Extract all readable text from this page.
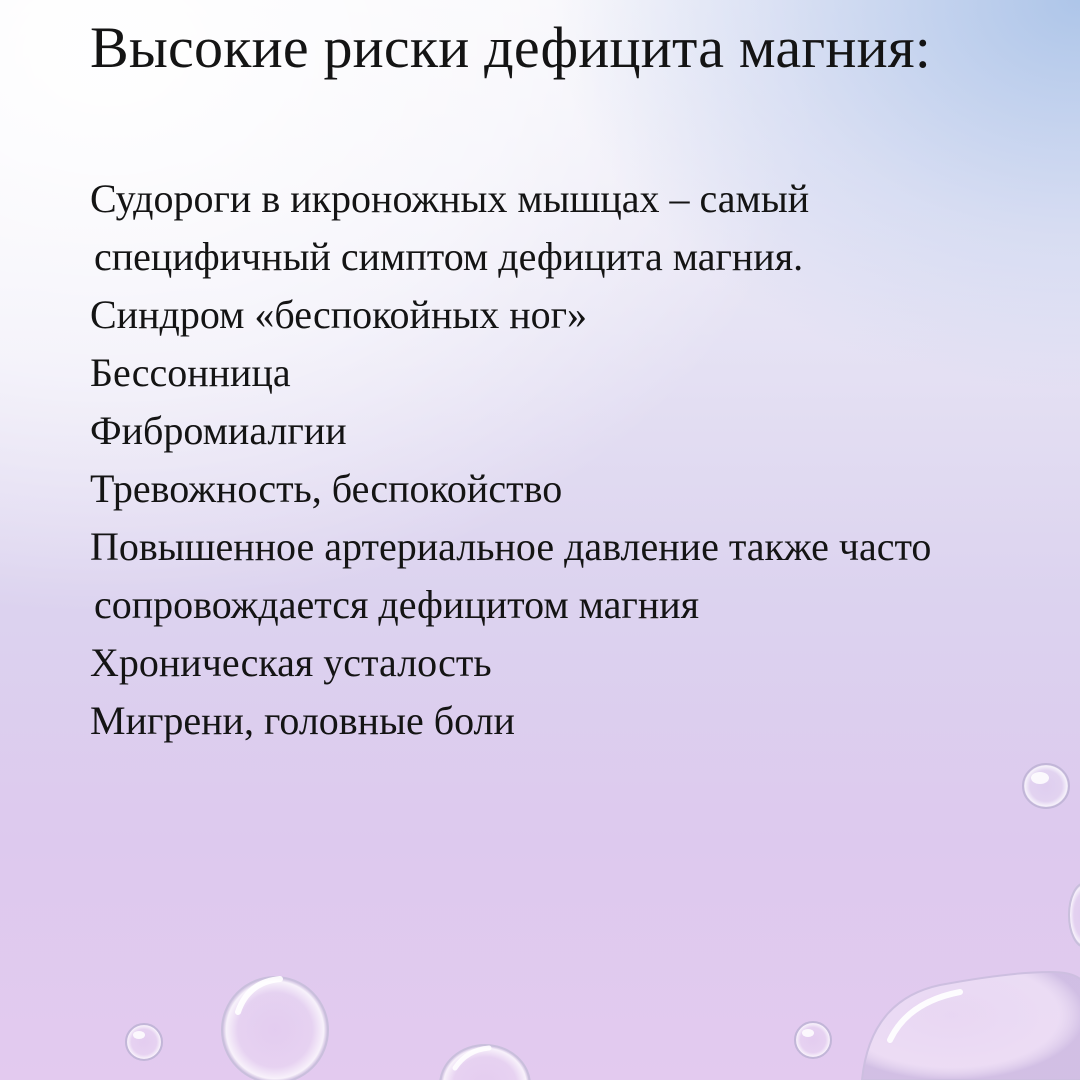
Высокие риски дефицита магния:
Судороги в икроножных мышцах – самый
специфичный симптом дефицита магния.
Синдром «беспокойных ног»
Бессонница
Фибромиалгии
Тревожность, беспокойство
Повышенное артериальное давление также часто
сопровождается дефицитом магния
Хроническая усталость
Мигрени, головные боли
